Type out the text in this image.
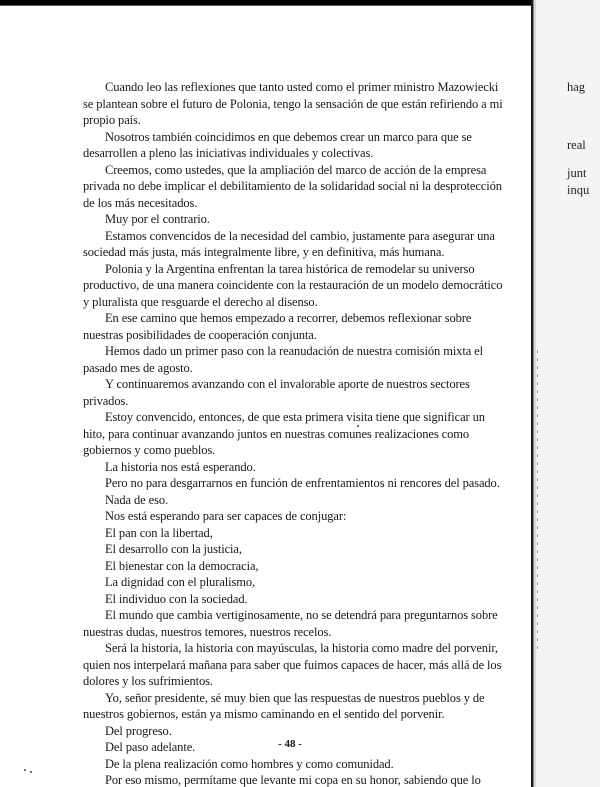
hag
real
junt
inqu
Cuando leo las reflexiones que tanto usted como el primer ministro Mazowiecki
se plantean sobre el futuro de Polonia, tengo la sensación de que están refiriendo a mi
propio país.
Nosotros también coincidimos en que debemos crear un marco para que se
desarrollen a pleno las iniciativas individuales y colectivas.
Creemos, como ustedes, que la ampliación del marco de acción de la empresa
privada no debe implicar el debilitamiento de la solidaridad social ni la desprotección
de los más necesitados.
Muy por el contrario.
Estamos convencidos de la necesidad del cambio, justamente para asegurar una
sociedad más justa, más integralmente libre, y en definitiva, más humana.
Polonia y la Argentina enfrentan la tarea histórica de remodelar su universo
productivo, de una manera coincidente con la restauración de un modelo democrático
y pluralista que resguarde el derecho al disenso.
En ese camino que hemos empezado a recorrer, debemos reflexionar sobre
nuestras posibilidades de cooperación conjunta.
Hemos dado un primer paso con la reanudación de nuestra comisión mixta el
pasado mes de agosto.
Y continuaremos avanzando con el invalorable aporte de nuestros sectores
privados.
Estoy convencido, entonces, de que esta primera visita tiene que significar un
hito, para continuar avanzando juntos en nuestras comunes realizaciones como
gobiernos y como pueblos.
La historia nos está esperando.
Pero no para desgarrarnos en función de enfrentamientos ni rencores del pasado.
Nada de eso.
Nos está esperando para ser capaces de conjugar:
El pan con la libertad,
El desarrollo con la justicia,
El bienestar con la democracia,
La dignidad con el pluralismo,
El individuo con la sociedad.
El mundo que cambia vertiginosamente, no se detendrá para preguntarnos sobre
nuestras dudas, nuestros temores, nuestros recelos.
Será la historia, la historia con mayúsculas, la historia como madre del porvenir,
quien nos interpelará mañana para saber que fuimos capaces de hacer, más allá de los
dolores y los sufrimientos.
Yo, señor presidente, sé muy bien que las respuestas de nuestros pueblos y de
nuestros gobiernos, están ya mismo caminando en el sentido del porvenir.
Del progreso.
Del paso adelante.
De la plena realización como hombres y como comunidad.
Por eso mismo, permítame que levante mi copa en su honor, sabiendo que lo
- 48 -
